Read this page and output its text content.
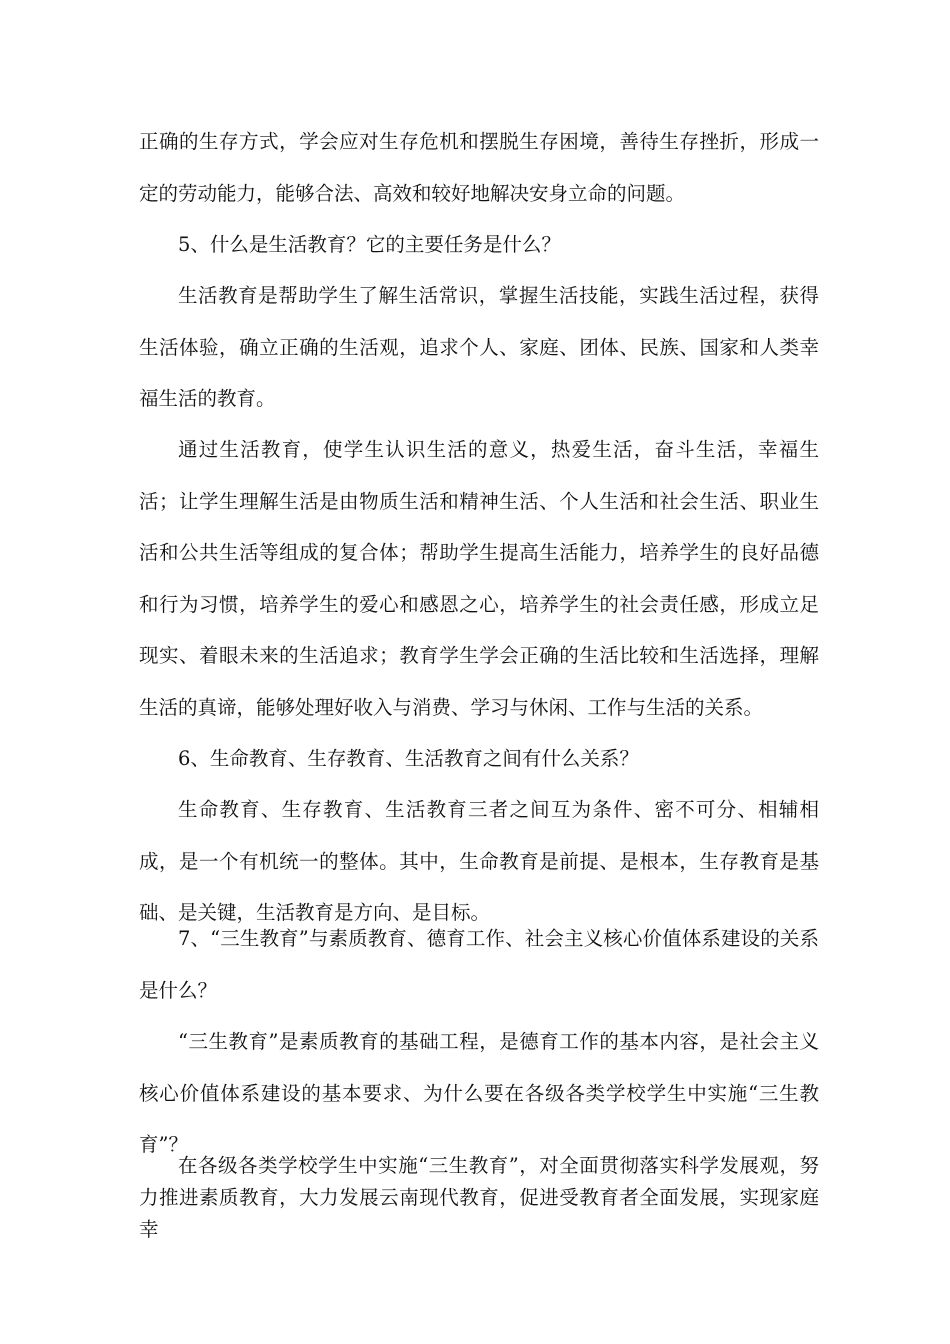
正确的生存方式，学会应对生存危机和摆脱生存困境，善待生存挫折，形成一定的劳动能力，能够合法、高效和较好地解决安身立命的问题。

5、什么是生活教育？它的主要任务是什么？

生活教育是帮助学生了解生活常识，掌握生活技能，实践生活过程，获得生活体验，确立正确的生活观，追求个人、家庭、团体、民族、国家和人类幸福生活的教育。

通过生活教育，使学生认识生活的意义，热爱生活，奋斗生活，幸福生活；让学生理解生活是由物质生活和精神生活、个人生活和社会生活、职业生活和公共生活等组成的复合体；帮助学生提高生活能力，培养学生的良好品德和行为习惯，培养学生的爱心和感恩之心，培养学生的社会责任感，形成立足现实、着眼未来的生活追求；教育学生学会正确的生活比较和生活选择，理解生活的真谛，能够处理好收入与消费、学习与休闲、工作与生活的关系。

6、生命教育、生存教育、生活教育之间有什么关系？

生命教育、生存教育、生活教育三者之间互为条件、密不可分、相辅相成，是一个有机统一的整体。其中，生命教育是前提、是根本，生存教育是基础、是关键，生活教育是方向、是目标。

7、“三生教育”与素质教育、德育工作、社会主义核心价值体系建设的关系是什么？

“三生教育”是素质教育的基础工程，是德育工作的基本内容，是社会主义核心价值体系建设的基本要求、为什么要在各级各类学校学生中实施“三生教育”？

在各级各类学校学生中实施“三生教育”，对全面贯彻落实科学发展观，努力推进素质教育，大力发展云南现代教育，促进受教育者全面发展，实现家庭幸
